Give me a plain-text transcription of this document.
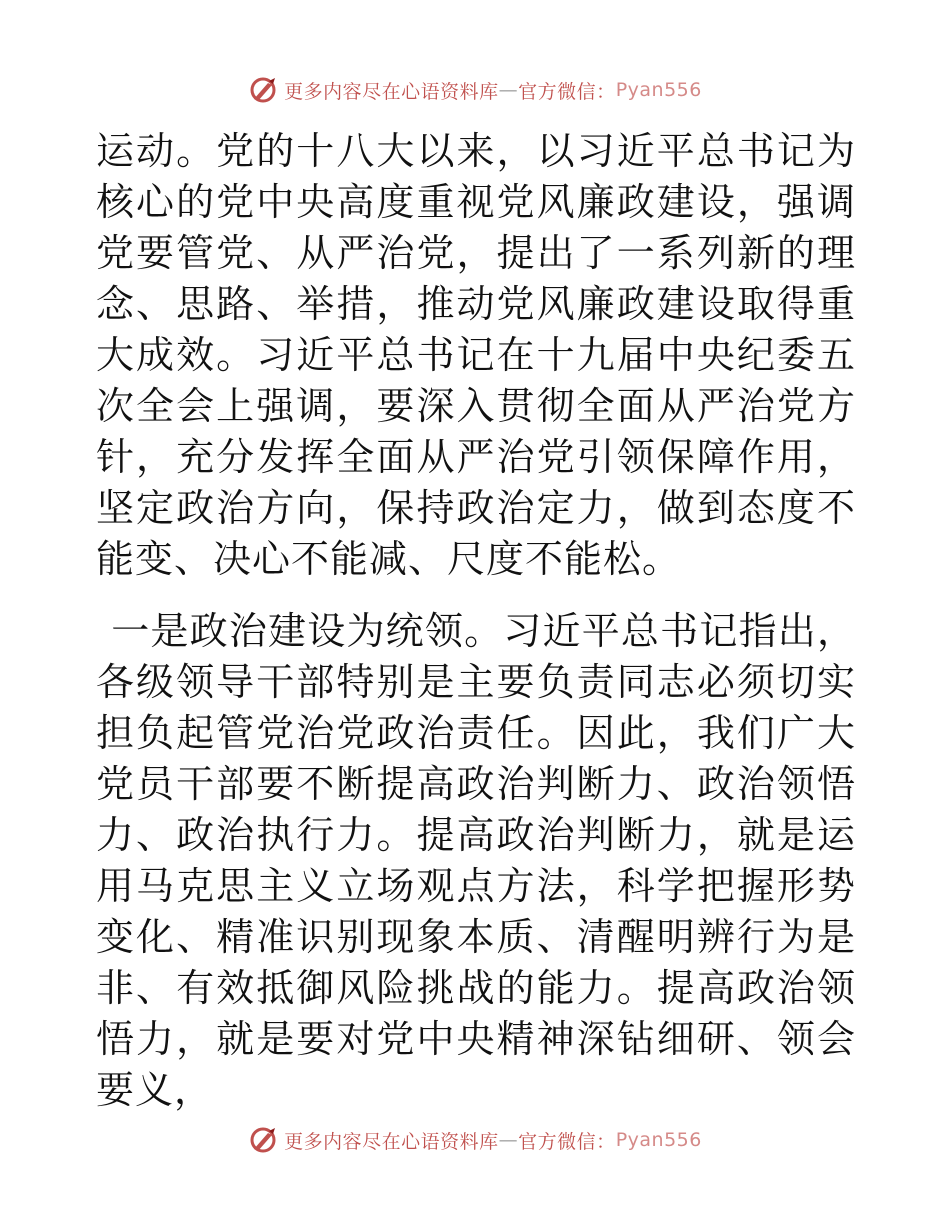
更多内容尽在心语资料库 — 官方微信： Pyan556
运动。党的十八大以来，以习近平总书记为核心的党中央高度重视党风廉政建设，强调党要管党、从严治党，提出了一系列新的理念、思路、举措，推动党风廉政建设取得重大成效。习近平总书记在十九届中央纪委五次全会上强调，要深入贯彻全面从严治党方针，充分发挥全面从严治党引领保障作用，坚定政治方向，保持政治定力，做到态度不能变、决心不能减、尺度不能松。
一是政治建设为统领。习近平总书记指出，各级领导干部特别是主要负责同志必须切实担负起管党治党政治责任。因此，我们广大党员干部要不断提高政治判断力、政治领悟力、政治执行力。提高政治判断力，就是运用马克思主义立场观点方法，科学把握形势变化、精准识别现象本质、清醒明辨行为是非、有效抵御风险挑战的能力。提高政治领悟力，就是要对党中央精神深钻细研、领会要义，
更多内容尽在心语资料库 — 官方微信： Pyan556
